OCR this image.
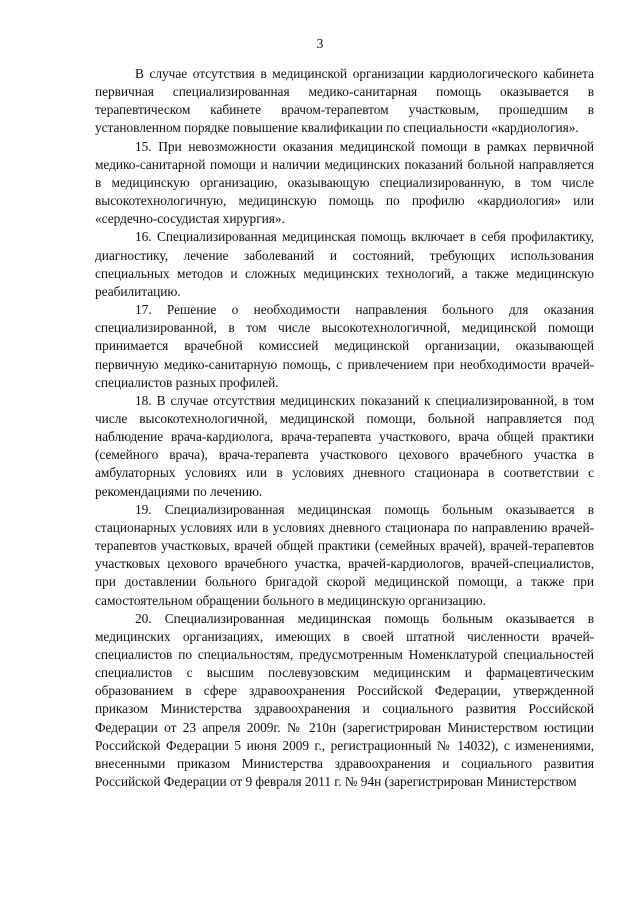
3

В случае отсутствия в медицинской организации кардиологического кабинета первичная специализированная медико-санитарная помощь оказывается в терапевтическом кабинете врачом-терапевтом участковым, прошедшим в установленном порядке повышение квалификации по специальности «кардиология».

15. При невозможности оказания медицинской помощи в рамках первичной медико-санитарной помощи и наличии медицинских показаний больной направляется в медицинскую организацию, оказывающую специализированную, в том числе высокотехнологичную, медицинскую помощь по профилю «кардиология» или «сердечно-сосудистая хирургия».

16. Специализированная медицинская помощь включает в себя профилактику, диагностику, лечение заболеваний и состояний, требующих использования специальных методов и сложных медицинских технологий, а также медицинскую реабилитацию.

17. Решение о необходимости направления больного для оказания специализированной, в том числе высокотехнологичной, медицинской помощи принимается врачебной комиссией медицинской организации, оказывающей первичную медико-санитарную помощь, с привлечением при необходимости врачей-специалистов разных профилей.

18. В случае отсутствия медицинских показаний к специализированной, в том числе высокотехнологичной, медицинской помощи, больной направляется под наблюдение врача-кардиолога, врача-терапевта участкового, врача общей практики (семейного врача), врача-терапевта участкового цехового врачебного участка в амбулаторных условиях или в условиях дневного стационара в соответствии с рекомендациями по лечению.

19. Специализированная медицинская помощь больным оказывается в стационарных условиях или в условиях дневного стационара по направлению врачей-терапевтов участковых, врачей общей практики (семейных врачей), врачей-терапевтов участковых цехового врачебного участка, врачей-кардиологов, врачей-специалистов, при доставлении больного бригадой скорой медицинской помощи, а также при самостоятельном обращении больного в медицинскую организацию.

20. Специализированная медицинская помощь больным оказывается в медицинских организациях, имеющих в своей штатной численности врачей-специалистов по специальностям, предусмотренным Номенклатурой специальностей специалистов с высшим послевузовским медицинским и фармацевтическим образованием в сфере здравоохранения Российской Федерации, утвержденной приказом Министерства здравоохранения и социального развития Российской Федерации от 23 апреля 2009г. № 210н (зарегистрирован Министерством юстиции Российской Федерации 5 июня 2009 г., регистрационный № 14032), с изменениями, внесенными приказом Министерства здравоохранения и социального развития Российской Федерации от 9 февраля 2011 г. № 94н (зарегистрирован Министерством
